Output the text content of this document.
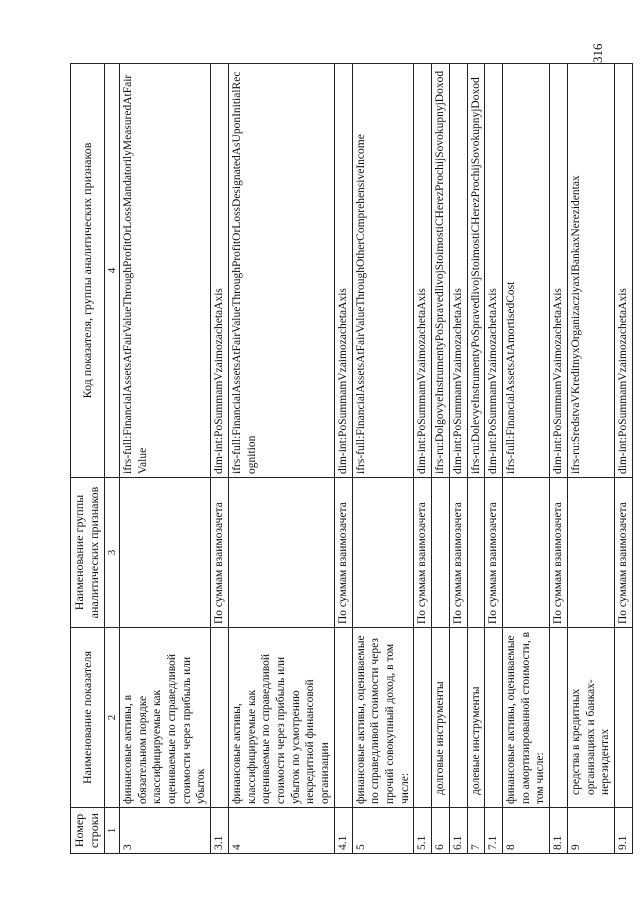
Номер строки	Наименование показателя	Наименование группы аналитических признаков	Код показателя, группы аналитических признаков
1	2	3	4
3	финансовые активы, в обязательном порядке классифицируемые как оцениваемые по справедливой стоимости через прибыль или убыток		ifrs-full:FinancialAssetsAtFairValueThroughProfitOrLossMandatorilyMeasuredAtFairValue
3.1		По суммам взаимозачета	dim-int:PoSummamVzaimozachetaAxis
4	финансовые активы, классифицируемые как оцениваемые по справедливой стоимости через прибыль или убыток по усмотрению некредитной финансовой организации		ifrs-full:FinancialAssetsAtFairValueThroughProfitOrLossDesignatedAsUponInitialRecognition
4.1		По суммам взаимозачета	dim-int:PoSummamVzaimozachetaAxis
5	финансовые активы, оцениваемые по справедливой стоимости через прочий совокупный доход, в том числе:		ifrs-full:FinancialAssetsAtFairValueThroughOtherComprehensiveIncome
5.1		По суммам взаимозачета	dim-int:PoSummamVzaimozachetaAxis
6	долговые инструменты		ifrs-ru:DolgovyeInstrumentyPoSpravedlivojStoimostiCHerezProchijSovokupnyjDoxod
6.1		По суммам взаимозачета	dim-int:PoSummamVzaimozachetaAxis
7	долевые инструменты		ifrs-ru:DolevyeInstrumentyPoSpravedlivojStoimostiCHerezProchijSovokupnyjDoxod
7.1		По суммам взаимозачета	dim-int:PoSummamVzaimozachetaAxis
8	финансовые активы, оцениваемые по амортизированной стоимости, в том числе:		ifrs-full:FinancialAssetsAtAmortisedCost
8.1		По суммам взаимозачета	dim-int:PoSummamVzaimozachetaAxis
9	средства в кредитных организациях и банках-нерезидентах		ifrs-ru:SredstvaVKreditnyxOrganizacziyaxIBankaxNerezidentax
9.1		По суммам взаимозачета	dim-int:PoSummamVzaimozachetaAxis
316
